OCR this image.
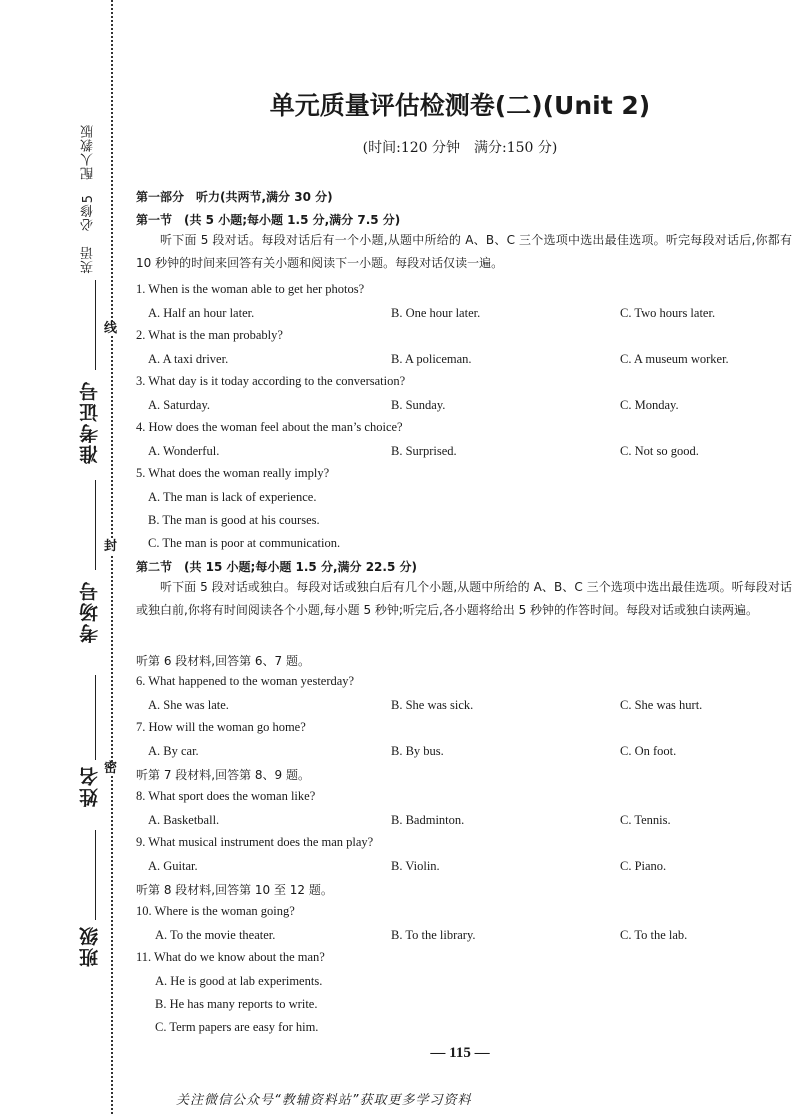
英语　必修5　配人教版
准考证号
考场号
姓名
班级
线
封
密
单元质量评估检测卷(二)(Unit 2)
(时间:120 分钟　满分:150 分)
第一部分　听力(共两节,满分 30 分)
第一节　(共 5 小题;每小题 1.5 分,满分 7.5 分)
听下面 5 段对话。每段对话后有一个小题,从题中所给的 A、B、C 三个选项中选出最佳选项。听完每段对话后,你都有 10 秒钟的时间来回答有关小题和阅读下一小题。每段对话仅读一遍。
1. When is the woman able to get her photos?
A. Half an hour later.	B. One hour later.	C. Two hours later.
2. What is the man probably?
A. A taxi driver.	B. A policeman.	C. A museum worker.
3. What day is it today according to the conversation?
A. Saturday.	B. Sunday.	C. Monday.
4. How does the woman feel about the man’s choice?
A. Wonderful.	B. Surprised.	C. Not so good.
5. What does the woman really imply?
A. The man is lack of experience.
B. The man is good at his courses.
C. The man is poor at communication.
第二节　(共 15 小题;每小题 1.5 分,满分 22.5 分)
听下面 5 段对话或独白。每段对话或独白后有几个小题,从题中所给的 A、B、C 三个选项中选出最佳选项。听每段对话或独白前,你将有时间阅读各个小题,每小题 5 秒钟;听完后,各小题将给出 5 秒钟的作答时间。每段对话或独白读两遍。
听第 6 段材料,回答第 6、7 题。
6. What happened to the woman yesterday?
A. She was late.	B. She was sick.	C. She was hurt.
7. How will the woman go home?
A. By car.	B. By bus.	C. On foot.
听第 7 段材料,回答第 8、9 题。
8. What sport does the woman like?
A. Basketball.	B. Badminton.	C. Tennis.
9. What musical instrument does the man play?
A. Guitar.	B. Violin.	C. Piano.
听第 8 段材料,回答第 10 至 12 题。
10. Where is the woman going?
A. To the movie theater.	B. To the library.	C. To the lab.
11. What do we know about the man?
A. He is good at lab experiments.
B. He has many reports to write.
C. Term papers are easy for him.
— 115 —
关注微信公众号“教辅资料站”获取更多学习资料
